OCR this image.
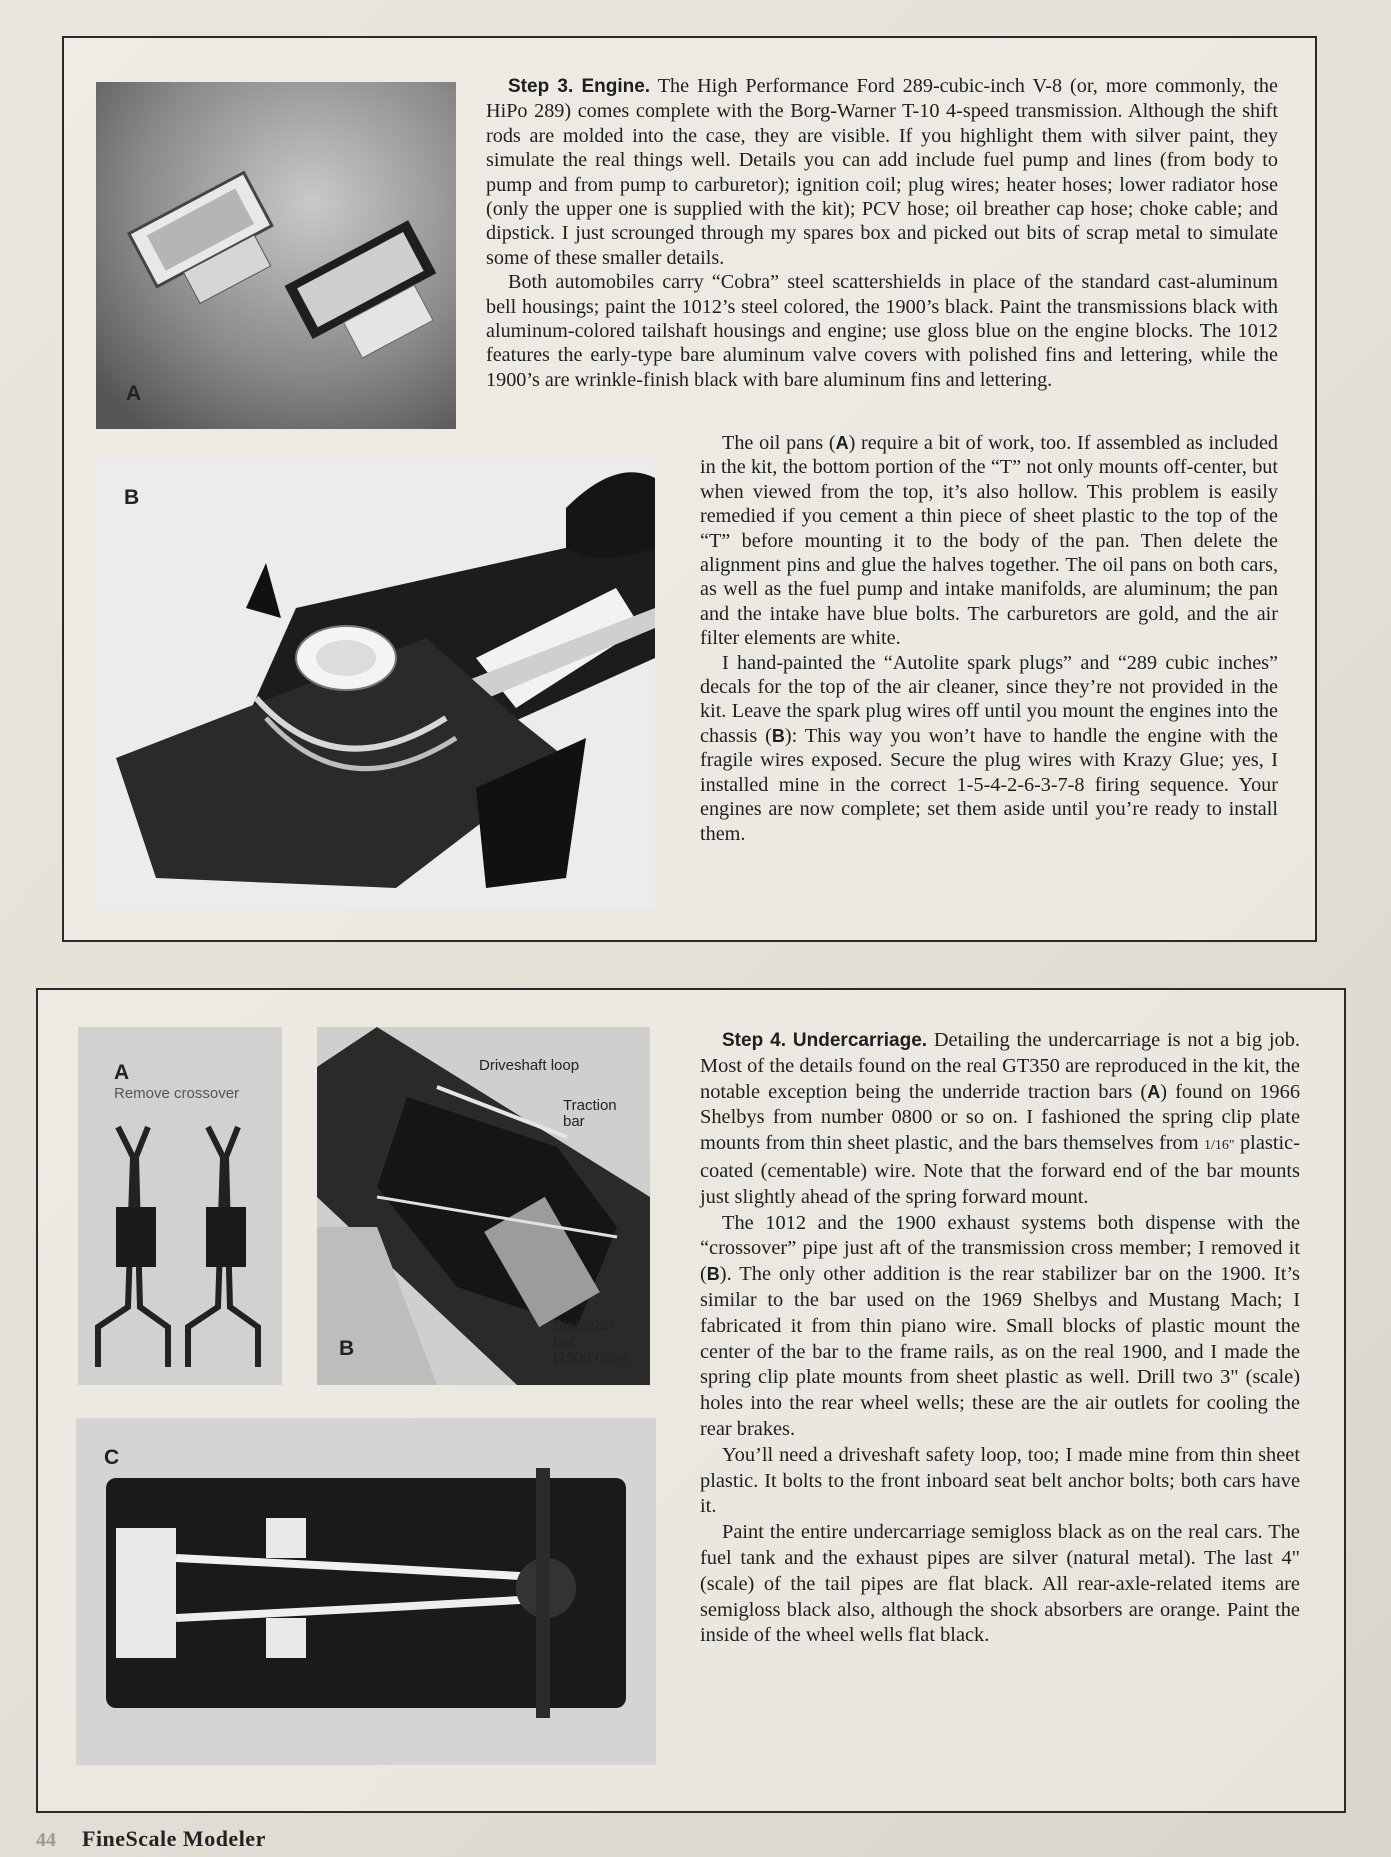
A
B

Step 3. Engine. The High Performance Ford 289-cubic-inch V-8 (or, more commonly, the HiPo 289) comes complete with the Borg-Warner T-10 4-speed transmission. Although the shift rods are molded into the case, they are visible. If you highlight them with silver paint, they simulate the real things well. Details you can add include fuel pump and lines (from body to pump and from pump to carburetor); ignition coil; plug wires; heater hoses; lower radiator hose (only the upper one is supplied with the kit); PCV hose; oil breather cap hose; choke cable; and dipstick. I just scrounged through my spares box and picked out bits of scrap metal to simulate some of these smaller details.

Both automobiles carry “Cobra” steel scattershields in place of the standard cast-aluminum bell housings; paint the 1012’s steel colored, the 1900’s black. Paint the transmissions black with aluminum-colored tailshaft housings and engine; use gloss blue on the engine blocks. The 1012 features the early-type bare aluminum valve covers with polished fins and lettering, while the 1900’s are wrinkle-finish black with bare aluminum fins and lettering.

The oil pans (A) require a bit of work, too. If assembled as included in the kit, the bottom portion of the “T” not only mounts off-center, but when viewed from the top, it’s also hollow. This problem is easily remedied if you cement a thin piece of sheet plastic to the top of the “T” before mounting it to the body of the pan. Then delete the alignment pins and glue the halves together. The oil pans on both cars, as well as the fuel pump and intake manifolds, are aluminum; the pan and the intake have blue bolts. The carburetors are gold, and the air filter elements are white.

I hand-painted the “Autolite spark plugs” and “289 cubic inches” decals for the top of the air cleaner, since they’re not provided in the kit. Leave the spark plug wires off until you mount the engines into the chassis (B): This way you won’t have to handle the engine with the fragile wires exposed. Secure the plug wires with Krazy Glue; yes, I installed mine in the correct 1-5-4-2-6-3-7-8 firing sequence. Your engines are now complete; set them aside until you’re ready to install them.

A
Remove crossover
Driveshaft loop
Traction
bar
Stabilizer
bar
(1900 only)
B
C

Step 4. Undercarriage. Detailing the undercarriage is not a big job. Most of the details found on the real GT350 are reproduced in the kit, the notable exception being the underride traction bars (A) found on 1966 Shelbys from number 0800 or so on. I fashioned the spring clip plate mounts from thin sheet plastic, and the bars themselves from 1/16" plastic-coated (cementable) wire. Note that the forward end of the bar mounts just slightly ahead of the spring forward mount.

The 1012 and the 1900 exhaust systems both dispense with the “crossover” pipe just aft of the transmission cross member; I removed it (B). The only other addition is the rear stabilizer bar on the 1900. It’s similar to the bar used on the 1969 Shelbys and Mustang Mach; I fabricated it from thin piano wire. Small blocks of plastic mount the center of the bar to the frame rails, as on the real 1900, and I made the spring clip plate mounts from sheet plastic as well. Drill two 3" (scale) holes into the rear wheel wells; these are the air outlets for cooling the rear brakes.

You’ll need a driveshaft safety loop, too; I made mine from thin sheet plastic. It bolts to the front inboard seat belt anchor bolts; both cars have it.

Paint the entire undercarriage semigloss black as on the real cars. The fuel tank and the exhaust pipes are silver (natural metal). The last 4" (scale) of the tail pipes are flat black. All rear-axle-related items are semigloss black also, although the shock absorbers are orange. Paint the inside of the wheel wells flat black.

44 FineScale Modeler
